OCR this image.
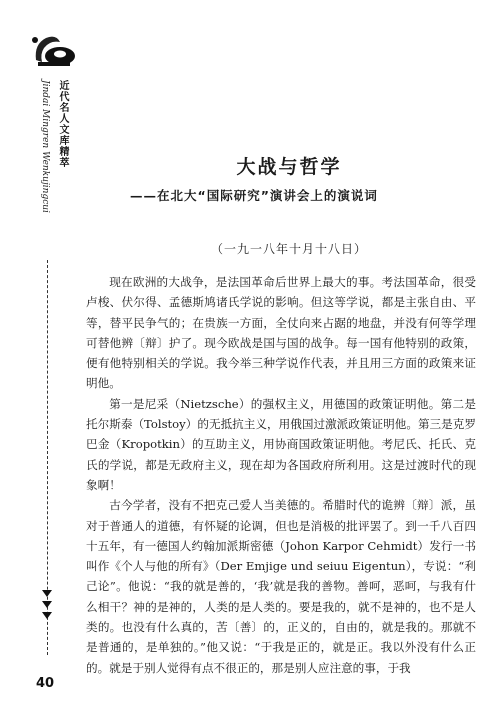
近代名人文库精萃
Jindai Mingren Wenkujingcui
40
大战与哲学
——在北大“国际研究”演讲会上的演说词
（一九一八年十月十八日）

现在欧洲的大战争，是法国革命后世界上最大的事。考法国革命，很受卢梭、伏尔得、孟德斯鸠诸氏学说的影响。但这等学说，都是主张自由、平等，替平民争气的；在贵族一方面，全仗向来占踞的地盘，并没有何等学理可替他辨〔辩〕护了。现今欧战是国与国的战争。每一国有他特别的政策，便有他特别相关的学说。我今举三种学说作代表，并且用三方面的政策来证明他。

第一是尼采（Nietzsche）的强权主义，用德国的政策证明他。第二是托尔斯泰（Tolstoy）的无抵抗主义，用俄国过激派政策证明他。第三是克罗巴金（Kropotkin）的互助主义，用协商国政策证明他。考尼氏、托氏、克氏的学说，都是无政府主义，现在却为各国政府所利用。这是过渡时代的现象啊！

古今学者，没有不把克己爱人当美德的。希腊时代的诡辨〔辩〕派，虽对于普通人的道德，有怀疑的论调，但也是消极的批评罢了。到一千八百四十五年，有一德国人约翰加派斯密德（Johon Karpor Cehmidt）发行一书叫作《个人与他的所有》（Der Emjige und seiuu Eigentun），专说：“利己论”。他说：“我的就是善的，‘我’就是我的善物。善呵，恶呵，与我有什么相干？神的是神的，人类的是人类的。要是我的，就不是神的，也不是人类的。也没有什么真的，苦〔善〕的，正义的，自由的，就是我的。那就不是普通的，是单独的。”他又说：“于我是正的，就是正。我以外没有什么正的。就是于别人觉得有点不很正的，那是别人应注意的事，于我
